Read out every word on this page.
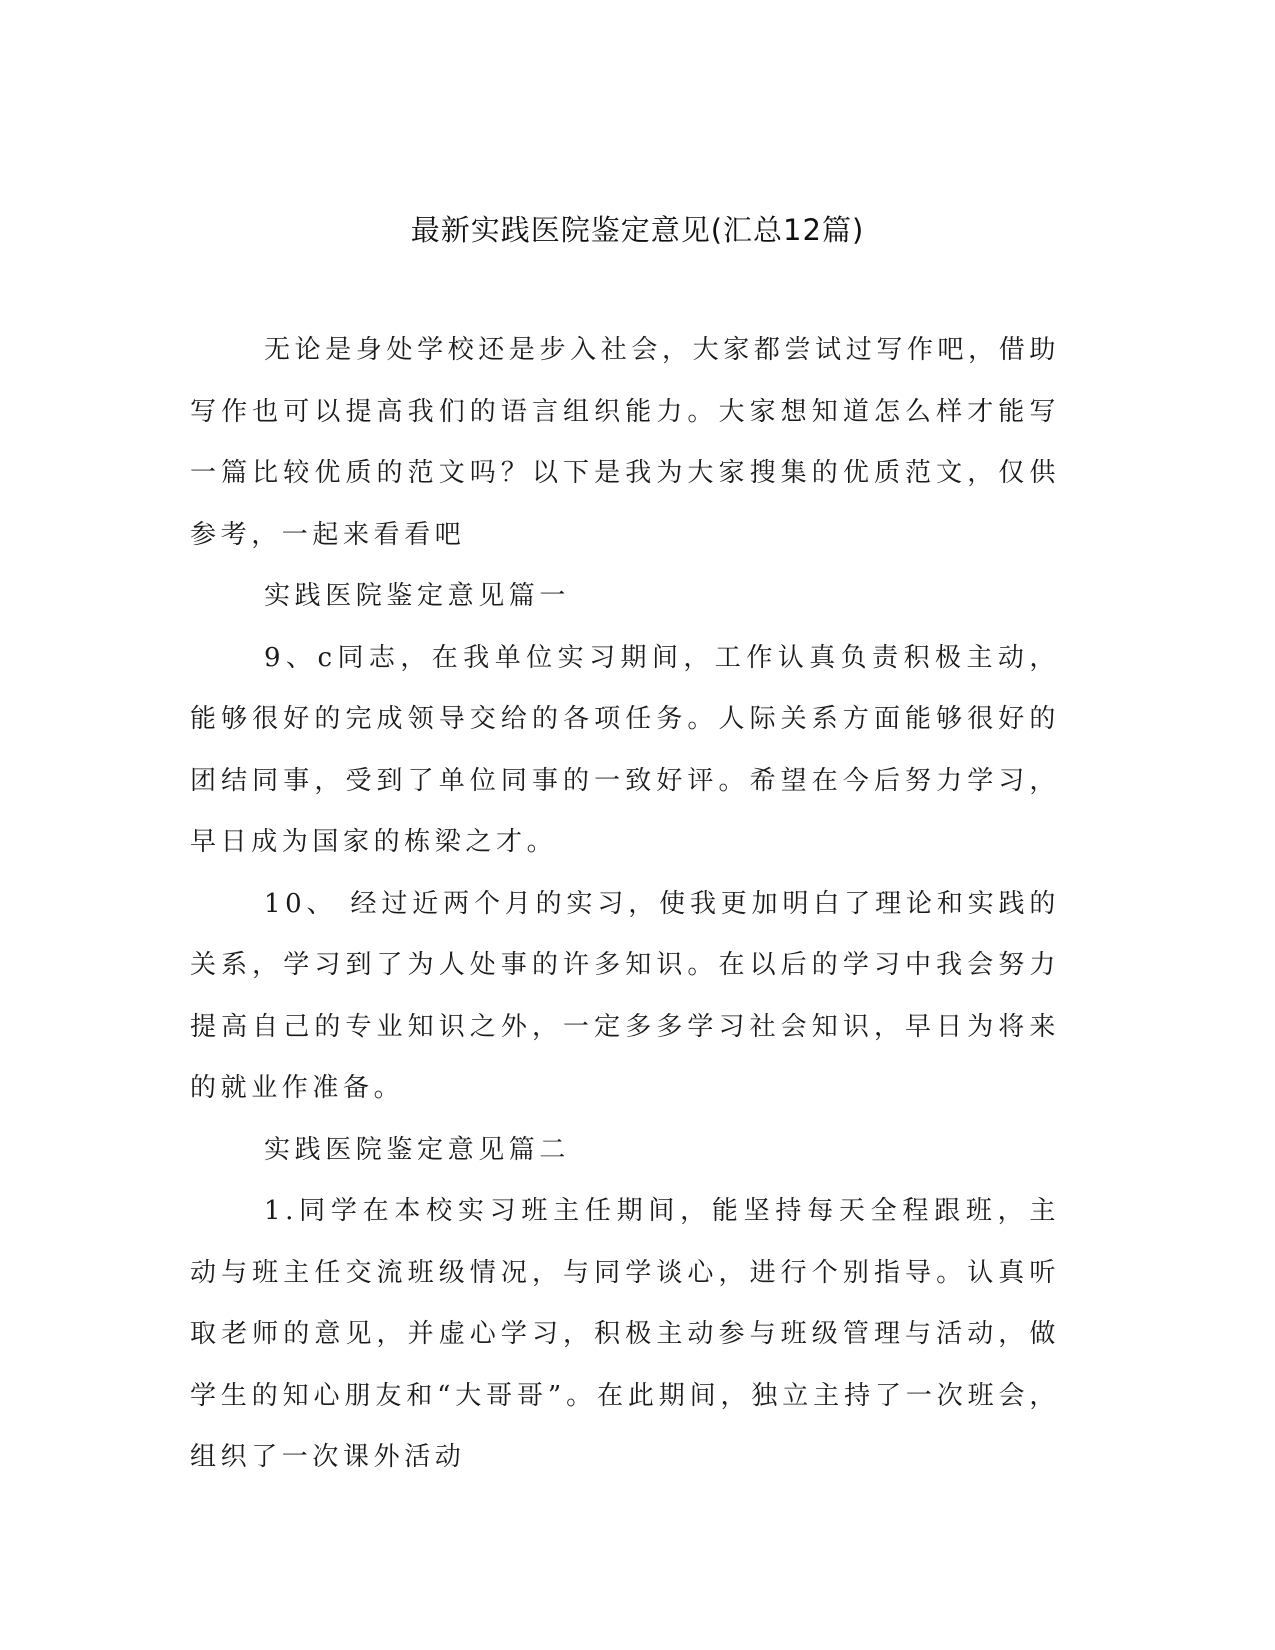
最新实践医院鉴定意见(汇总12篇)

无论是身处学校还是步入社会，大家都尝试过写作吧，借助写作也可以提高我们的语言组织能力。大家想知道怎么样才能写一篇比较优质的范文吗？以下是我为大家搜集的优质范文，仅供参考，一起来看看吧

实践医院鉴定意见篇一

9、c同志，在我单位实习期间，工作认真负责积极主动，能够很好的完成领导交给的各项任务。人际关系方面能够很好的团结同事，受到了单位同事的一致好评。希望在今后努力学习，早日成为国家的栋梁之才。

10、 经过近两个月的实习，使我更加明白了理论和实践的关系，学习到了为人处事的许多知识。在以后的学习中我会努力提高自己的专业知识之外，一定多多学习社会知识，早日为将来的就业作准备。

实践医院鉴定意见篇二

1.同学在本校实习班主任期间，能坚持每天全程跟班，主动与班主任交流班级情况，与同学谈心，进行个别指导。认真听取老师的意见，并虚心学习，积极主动参与班级管理与活动，做学生的知心朋友和“大哥哥”。在此期间，独立主持了一次班会，组织了一次课外活动
